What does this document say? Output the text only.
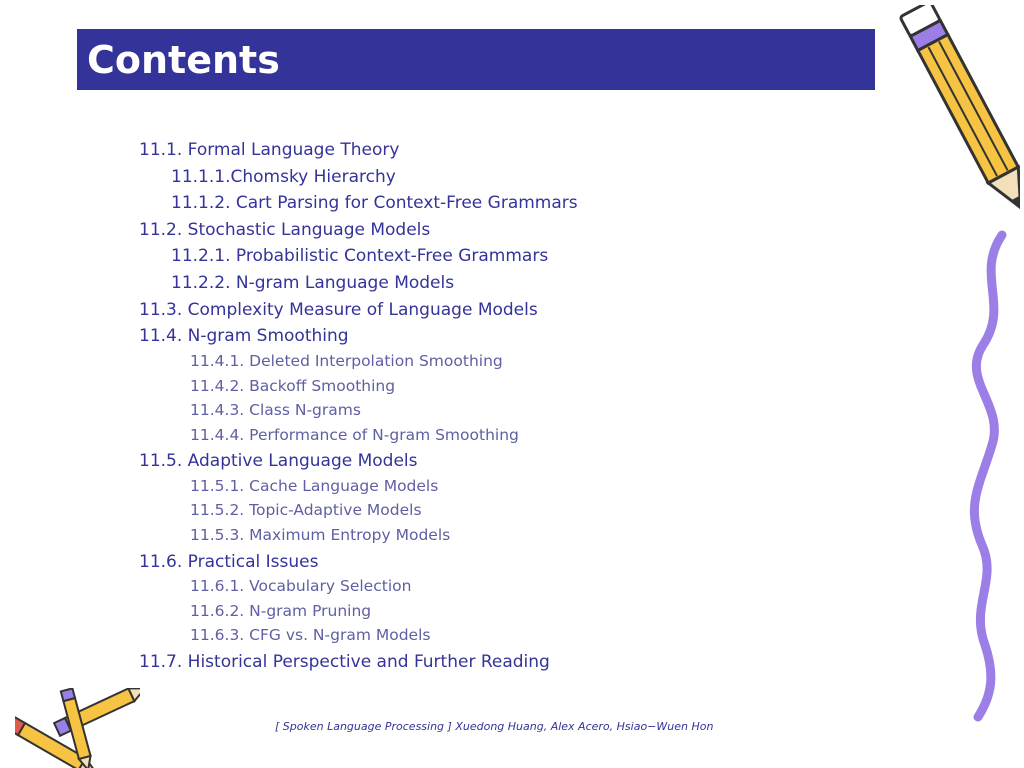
Contents
11.1. Formal Language Theory
11.1.1.Chomsky Hierarchy
11.1.2. Cart Parsing for Context-Free Grammars
11.2. Stochastic Language Models
11.2.1. Probabilistic Context-Free Grammars
11.2.2. N-gram Language Models
11.3. Complexity Measure of Language Models
11.4. N-gram Smoothing
11.4.1. Deleted Interpolation Smoothing
11.4.2. Backoff Smoothing
11.4.3. Class N-grams
11.4.4. Performance of N-gram Smoothing
11.5. Adaptive Language Models
11.5.1. Cache Language Models
11.5.2. Topic-Adaptive Models
11.5.3. Maximum Entropy Models
11.6. Practical Issues
11.6.1. Vocabulary Selection
11.6.2. N-gram Pruning
11.6.3. CFG vs. N-gram Models
11.7. Historical Perspective and Further Reading
[ Spoken Language Processing ] Xuedong Huang, Alex Acero, Hsiao−Wuen Hon
